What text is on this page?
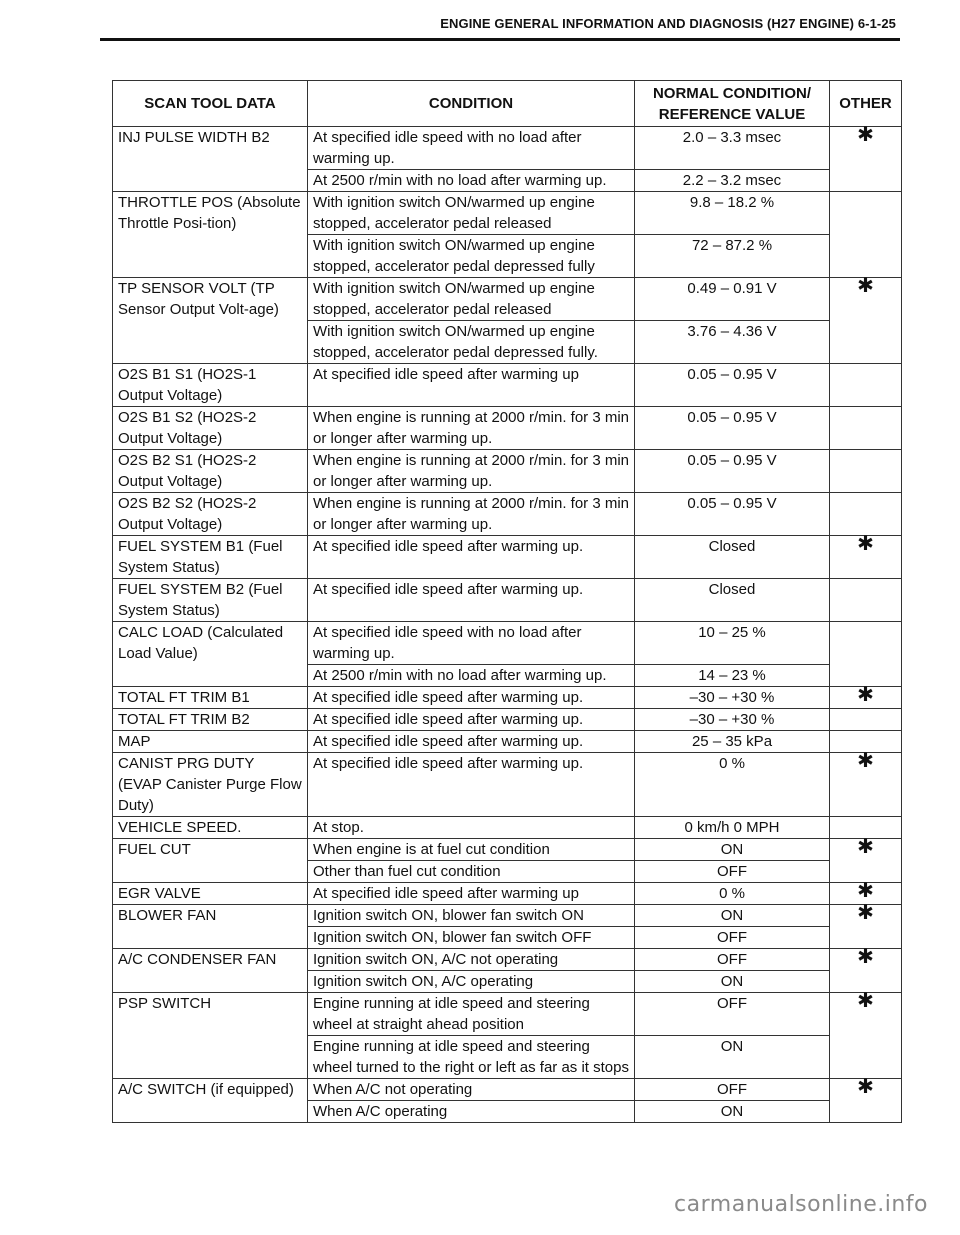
ENGINE GENERAL INFORMATION AND DIAGNOSIS (H27 ENGINE) 6-1-25
SCAN TOOL DATA	CONDITION	NORMAL CONDITION/ REFERENCE VALUE	OTHER
INJ PULSE WIDTH B2	At specified idle speed with no load after warming up.	2.0 – 3.3 msec	✱
	At 2500 r/min with no load after warming up.	2.2 – 3.2 msec	
THROTTLE POS (Absolute Throttle Posi-tion)	With ignition switch ON/warmed up engine stopped, accelerator pedal released	9.8 – 18.2 %	
	With ignition switch ON/warmed up engine stopped, accelerator pedal depressed fully	72 – 87.2 %	
TP SENSOR VOLT (TP Sensor Output Volt-age)	With ignition switch ON/warmed up engine stopped, accelerator pedal released	0.49 – 0.91 V	✱
	With ignition switch ON/warmed up engine stopped, accelerator pedal depressed fully.	3.76 – 4.36 V	
O2S B1 S1 (HO2S-1 Output Voltage)	At specified idle speed after warming up	0.05 – 0.95 V	
O2S B1 S2 (HO2S-2 Output Voltage)	When engine is running at 2000 r/min. for 3 min or longer after warming up.	0.05 – 0.95 V	
O2S B2 S1 (HO2S-2 Output Voltage)	When engine is running at 2000 r/min. for 3 min or longer after warming up.	0.05 – 0.95 V	
O2S B2 S2 (HO2S-2 Output Voltage)	When engine is running at 2000 r/min. for 3 min or longer after warming up.	0.05 – 0.95 V	
FUEL SYSTEM B1 (Fuel System Status)	At specified idle speed after warming up.	Closed	✱
FUEL SYSTEM B2 (Fuel System Status)	At specified idle speed after warming up.	Closed	
CALC LOAD (Calculated Load Value)	At specified idle speed with no load after warming up.	10 – 25 %	
	At 2500 r/min with no load after warming up.	14 – 23 %	
TOTAL FT TRIM B1	At specified idle speed after warming up.	–30 – +30 %	✱
TOTAL FT TRIM B2	At specified idle speed after warming up.	–30 – +30 %	
MAP	At specified idle speed after warming up.	25 – 35 kPa	
CANIST PRG DUTY (EVAP Canister Purge Flow Duty)	At specified idle speed after warming up.	0 %	✱
VEHICLE SPEED.	At stop.	0 km/h 0 MPH	
FUEL CUT	When engine is at fuel cut condition	ON	✱
	Other than fuel cut condition	OFF	
EGR VALVE	At specified idle speed after warming up	0 %	✱
BLOWER FAN	Ignition switch ON, blower fan switch ON	ON	✱
	Ignition switch ON, blower fan switch OFF	OFF	
A/C CONDENSER FAN	Ignition switch ON, A/C not operating	OFF	✱
	Ignition switch ON, A/C operating	ON	
PSP SWITCH	Engine running at idle speed and steering wheel at straight ahead position	OFF	✱
	Engine running at idle speed and steering wheel turned to the right or left as far as it stops	ON	
A/C SWITCH (if equipped)	When A/C not operating	OFF	✱
	When A/C operating	ON	
carmanualsonline.info
